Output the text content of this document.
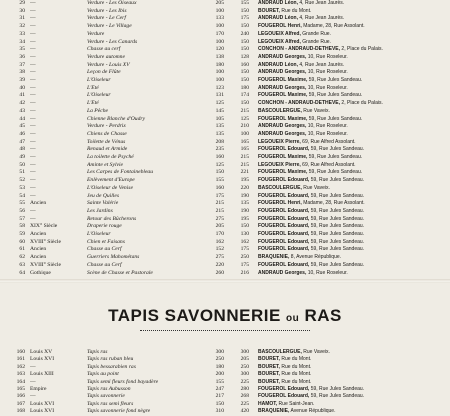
29 —	Verdure - Les Oiseaux	205	155 ANDRAUD Léon, 4, Rue Jean Jaurès.
30 —	Verdure - Les Ibis	100	150 BOURET, Rue du Mont.
31 —	Verdure - Le Cerf	133	175 ANDRAUD Léon, 4, Rue Jean Jaurès.
32 —	Verdure - Le Village	100	150 FOUGEROL Henri, Madame, 28, Rue Assolant.
33 —	Verdure	170	240 LEGOUEIX Alfred, Grande Rue.
34 —	Verdure - Les Canards	100	150 LEGOUEIX Alfred, Grande Rue.
35 —	Chasse au cerf	120	150 CONCHON - ANDRAUD-DETHEVE, 2, Place du Palais.
36 —	Verdure automne	138	128 ANDRAUD Georges, 10, Rue Roseleur.
37 —	Verdure - Louis XV	180	160 ANDRAUD Léon, 4, Rue Jean Jaurès.
38 —	Leçon de Flûte	100	150 ANDRAUD Georges, 10, Rue Roseleur.
39 —	L'Oiseleur	100	150 FOUGEROL Maxime, 59, Rue Jules Sandeau.
40 —	L'Été	123	180 ANDRAUD Georges, 10, Rue Roseleur.
41 —	L'Oiseleur	131	174 FOUGEROL Maxime, 59, Rue Jules Sandeau.
42 —	L'Été	125	150 CONCHON - ANDRAUD-DETHEVE, 2, Place du Palais.
43 —	La Pêche	145	215 BASCOULERGUE, Rue Vaveix.
44 —	Chienne Blanche d'Oudry	105	125 FOUGEROL Maxime, 59, Rue Jules Sandeau.
45 —	Verdure - Perdrix	135	210 ANDRAUD Georges, 10, Rue Roseleur.
46 —	Chiens de Chasse	135	100 ANDRAUD Georges, 10, Rue Roseleur.
47 —	Toilette de Vénus	208	165 LEGOUEIX Pierre, 69, Rue Alfred Assolant.
48 —	Renaud et Armide	235	165 FOUGEROL Édouard, 59, Rue Jules Sandeau.
49 —	La toilette de Psyché	160	215 FOUGEROL Maxime, 59, Rue Jules Sandeau.
50 —	Aminte et Sylvie	125	215 LEGOUEIX Pierre, 69, Rue Alfred Assolant.
51 —	Les Carpes de Fontainebleau	150	221 FOUGEROL Maxime, 59, Rue Jules Sandeau.
52 —	Enlèvement d'Europe	155	195 FOUGEROL Édouard, 59, Rue Jules Sandeau.
53 —	L'Oiseleur de Venise	160	220 BASCOULERGUE, Rue Vaveix.
54 —	Jeu de Quilles	175	190 FOUGEROL Édouard, 59, Rue Jules Sandeau.
55 Ancien	Sainte Valérie	215	135 FOUGEROL Henri, Madame, 28, Rue Assolant.
56 —	Les Jardins	215	190 FOUGEROL Édouard, 59, Rue Jules Sandeau.
57 —	Retour des Bûcherons	275	195 FOUGEROL Édouard, 59, Rue Jules Sandeau.
58 XIX° Siècle	Draperie rouge	205	150 FOUGEROL Édouard, 59, Rue Jules Sandeau.
59 Ancien	L'Oiseleur	170	130 FOUGEROL Édouard, 59, Rue Jules Sandeau.
60 XVIII° Siècle	Chien et Faisans	162	162 FOUGEROL Édouard, 59, Rue Jules Sandeau.
61 Ancien	Chasse au Cerf	152	175 FOUGEROL Édouard, 59, Rue Jules Sandeau.
62 Ancien	Guerriers Mahométans	275	250 BRAQUENIÉ, 8, Avenue République.
63 XVIII° Siècle	Chasse au Cerf	220	175 FOUGEROL Édouard, 59, Rue Jules Sandeau.
64 Gothique	Scène de Chasse et Pastorale	260	216 ANDRAUD Georges, 10, Rue Roseleur.
TAPIS SAVONNERIE ou RAS
160 Louis XV	Tapis ras	300	300 BASCOULERGUE, Rue Vaveix.
161 Louis XVI	Tapis ras ruban bleu	250	205 BOURET, Rue du Mont.
162 —	Tapis bessarabien ras	180	250 BOURET, Rue du Mont.
163 Louis XIII	Tapis au point	200	300 BOURET, Rue du Mont.
164 —	Tapis semi fleurs fond bayadère	155	225 BOURET, Rue du Mont.
165 Empire	Tapis ras Aubusson	247	280 FOUGEROL Édouard, 59, Rue Jules Sandeau.
166 —	Tapis savonnerie	217	268 FOUGEROL Édouard, 59, Rue Jules Sandeau.
167 Louis XVI	Tapis ras semi fleurs	150	225 HAMOT, Rue Saint-Jean.
168 Louis XVI	Tapis savonnerie fond nègre	310	420 BRAQUENIÉ, Avenue République.
